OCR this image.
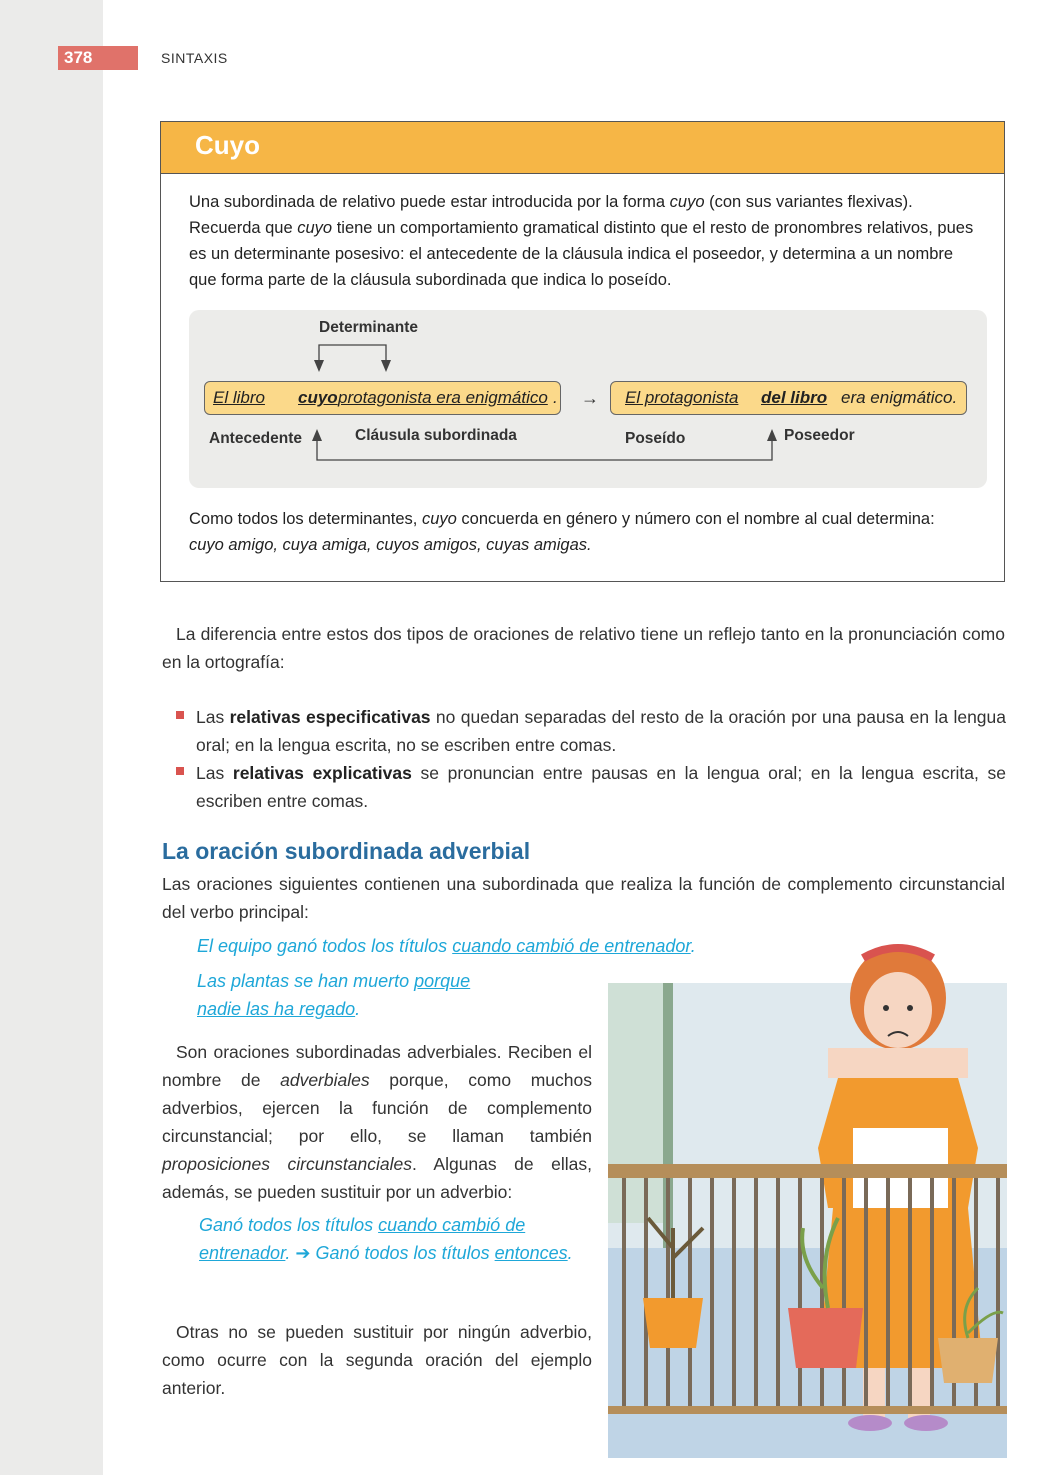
378	SINTAXIS
Cuyo

Una subordinada de relativo puede estar introducida por la forma cuyo (con sus variantes flexivas). Recuerda que cuyo tiene un comportamiento gramatical distinto que el resto de pronombres relativos, pues es un determinante posesivo: el antecedente de la cláusula indica el poseedor, y determina a un nombre que forma parte de la cláusula subordinada que indica lo poseído.

Determinante
El libro cuyo protagonista era enigmático . → El protagonista del libro era enigmático.
Antecedente	Cláusula subordinada	Poseído	Poseedor

Como todos los determinantes, cuyo concuerda en género y número con el nombre al cual determina:
cuyo amigo, cuya amiga, cuyos amigos, cuyas amigas.

La diferencia entre estos dos tipos de oraciones de relativo tiene un reflejo tanto en la pronunciación como en la ortografía:

Las relativas especificativas no quedan separadas del resto de la oración por una pausa en la lengua oral; en la lengua escrita, no se escriben entre comas.

Las relativas explicativas se pronuncian entre pausas en la lengua oral; en la lengua escrita, se escriben entre comas.

La oración subordinada adverbial

Las oraciones siguientes contienen una subordinada que realiza la función de complemento circunstancial del verbo principal:

El equipo ganó todos los títulos cuando cambió de entrenador.
Las plantas se han muerto porque
nadie las ha regado.

Son oraciones subordinadas adverbiales. Reciben el nombre de adverbiales porque, como muchos adverbios, ejercen la función de complemento circunstancial; por ello, se llaman también proposiciones circunstanciales. Algunas de ellas, además, se pueden sustituir por un adverbio:

Ganó todos los títulos cuando cambió de entrenador. ➔ Ganó todos los títulos entonces.

Otras no se pueden sustituir por ningún adverbio, como ocurre con la segunda oración del ejemplo anterior.
